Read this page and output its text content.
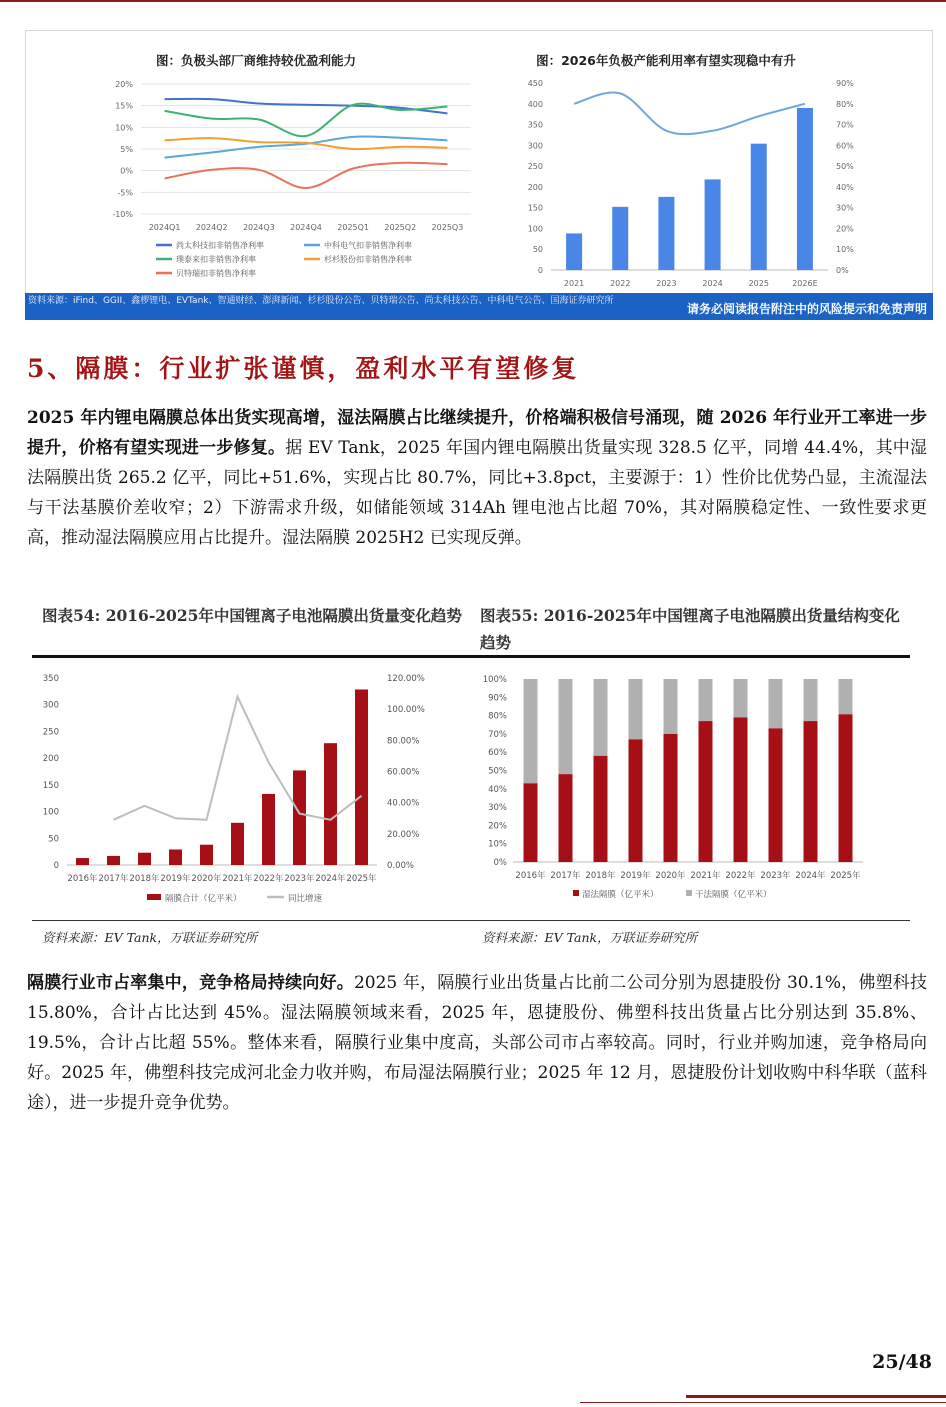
图：负极头部厂商维持较优盈利能力
20%
15%
10%
5%
0%
-5%
-10%
2024Q1 2024Q2 2024Q3 2024Q4 2025Q1 2025Q2 2025Q3
尚太科技扣非销售净利率	中科电气扣非销售净利率
璞泰来扣非销售净利率	杉杉股份扣非销售净利率
贝特瑞扣非销售净利率
图：2026年负极产能利用率有望实现稳中有升
450
400
350
300
250
200
150
100
50
0
90%
80%
70%
60%
50%
40%
30%
20%
10%
0%
2021	2022	2023	2024	2025	2026E
资料来源：iFind、GGII、鑫椤锂电、EVTank、智通财经、澎湃新闻、杉杉股份公告、贝特瑞公告、尚太科技公告、中科电气公告、国海证券研究所
请务必阅读报告附注中的风险提示和免责声明
5、隔膜：行业扩张谨慎，盈利水平有望修复
2025 年内锂电隔膜总体出货实现高增，湿法隔膜占比继续提升，价格端积极信号涌现，随 2026 年行业开工率进一步提升，价格有望实现进一步修复。据 EV Tank，2025 年国内锂电隔膜出货量实现 328.5 亿平，同增 44.4%，其中湿法隔膜出货 265.2 亿平，同比+51.6%，实现占比 80.7%，同比+3.8pct，主要源于：1）性价比优势凸显，主流湿法与干法基膜价差收窄；2）下游需求升级，如储能领域 314Ah 锂电池占比超 70%，其对隔膜稳定性、一致性要求更高，推动湿法隔膜应用占比提升。湿法隔膜 2025H2 已实现反弹。
图表54: 2016-2025年中国锂离子电池隔膜出货量变化趋势	图表55: 2016-2025年中国锂离子电池隔膜出货量结构变化趋势
350
300
250
200
150
100
50
0
120.00%
100.00%
80.00%
60.00%
40.00%
20.00%
0.00%
2016年 2017年 2018年 2019年 2020年 2021年 2022年 2023年 2024年 2025年
隔膜合计（亿平米）	同比增速
100%
90%
80%
70%
60%
50%
40%
30%
20%
10%
0%
2016年 2017年 2018年 2019年 2020年 2021年 2022年 2023年 2024年 2025年
湿法隔膜（亿平米）	干法隔膜（亿平米）
资料来源：EV Tank，万联证券研究所	资料来源：EV Tank，万联证券研究所
隔膜行业市占率集中，竞争格局持续向好。2025 年，隔膜行业出货量占比前二公司分别为恩捷股份 30.1%，佛塑科技 15.80%，合计占比达到 45%。湿法隔膜领域来看，2025 年，恩捷股份、佛塑科技出货量占比分别达到 35.8%、19.5%，合计占比超 55%。整体来看，隔膜行业集中度高，头部公司市占率较高。同时，行业并购加速，竞争格局向好。2025 年，佛塑科技完成河北金力收并购，布局湿法隔膜行业；2025 年 12 月，恩捷股份计划收购中科华联（蓝科途），进一步提升竞争优势。
25/48
